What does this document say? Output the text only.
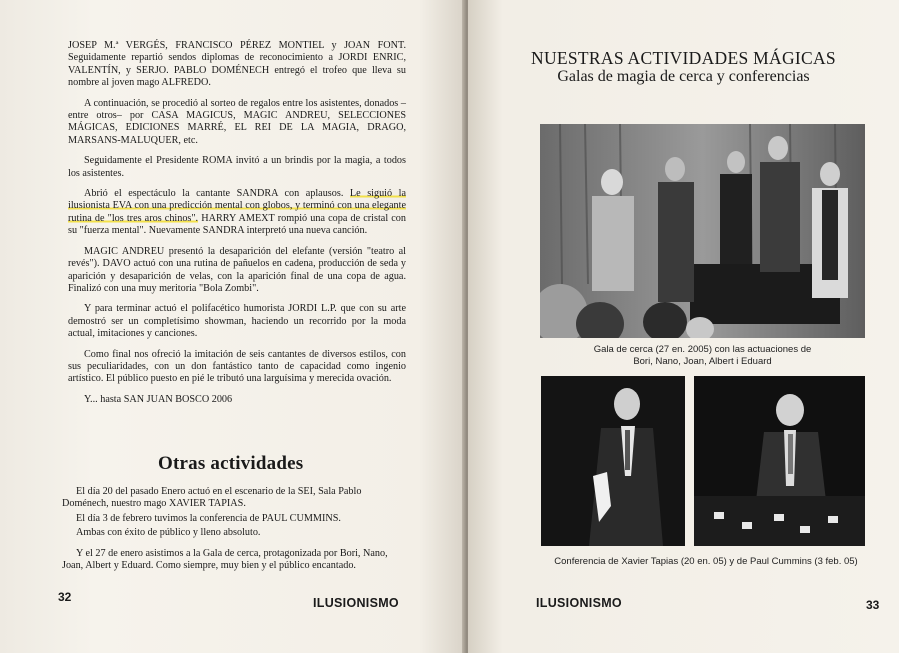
JOSEP M.ª VERGÉS, FRANCISCO PÉREZ MONTIEL y JOAN FONT. Seguidamente repartió sendos diplomas de reconocimiento a JORDI ENRIC, VALENTÍN, y SERJO. PABLO DOMÉNECH entregó el trofeo que lleva su nombre al joven mago ALFREDO.

A continuación, se procedió al sorteo de regalos entre los asistentes, donados –entre otros– por CASA MAGICUS, MAGIC ANDREU, SELECCIONES MÁGICAS, EDICIONES MARRÉ, EL REI DE LA MAGIA, DRAGO, MARSANS-MALUQUER, etc.

Seguidamente el Presidente ROMA invitó a un brindis por la magia, a todos los asistentes.

Abrió el espectáculo la cantante SANDRA con aplausos. Le siguió la ilusionista EVA con una predicción mental con globos, y terminó con una elegante rutina de "los tres aros chinos". HARRY AMEXT rompió una copa de cristal con su "fuerza mental". Nuevamente SANDRA interpretó una nueva canción.

MAGIC ANDREU presentó la desaparición del elefante (versión "teatro al revés"). DAVO actuó con una rutina de pañuelos en cadena, producción de seda y aparición y desaparición de velas, con la aparición final de una copa de agua. Finalizó con una muy meritoria "Bola Zombi".

Y para terminar actuó el polifacético humorista JORDI L.P. que con su arte demostró ser un completísimo showman, haciendo un recorrido por la moda actual, imitaciones y canciones.

Como final nos ofreció la imitación de seis cantantes de diversos estilos, con sus peculiaridades, con un don fantástico tanto de capacidad como ingenio artístico. El público puesto en pié le tributó una larguísima y merecida ovación.

Y... hasta SAN JUAN BOSCO 2006

Otras actividades

El día 20 del pasado Enero actuó en el escenario de la SEI, Sala Pablo Doménech, nuestro mago XAVIER TAPIAS.

El día 3 de febrero tuvimos la conferencia de PAUL CUMMINS.

Ambas con éxito de público y lleno absoluto.

Y el 27 de enero asistimos a la Gala de cerca, protagonizada por Bori, Nano, Joan, Albert y Eduard. Como siempre, muy bien y el público encantado.

32	ILUSIONISMO
NUESTRAS ACTIVIDADES MÁGICAS
Galas de magia de cerca y conferencias
Gala de cerca (27 en. 2005) con las actuaciones de
Bori, Nano, Joan, Albert i Eduard
Conferencia de Xavier Tapias (20 en. 05) y de Paul Cummins (3 feb. 05)
ILUSIONISMO	33
